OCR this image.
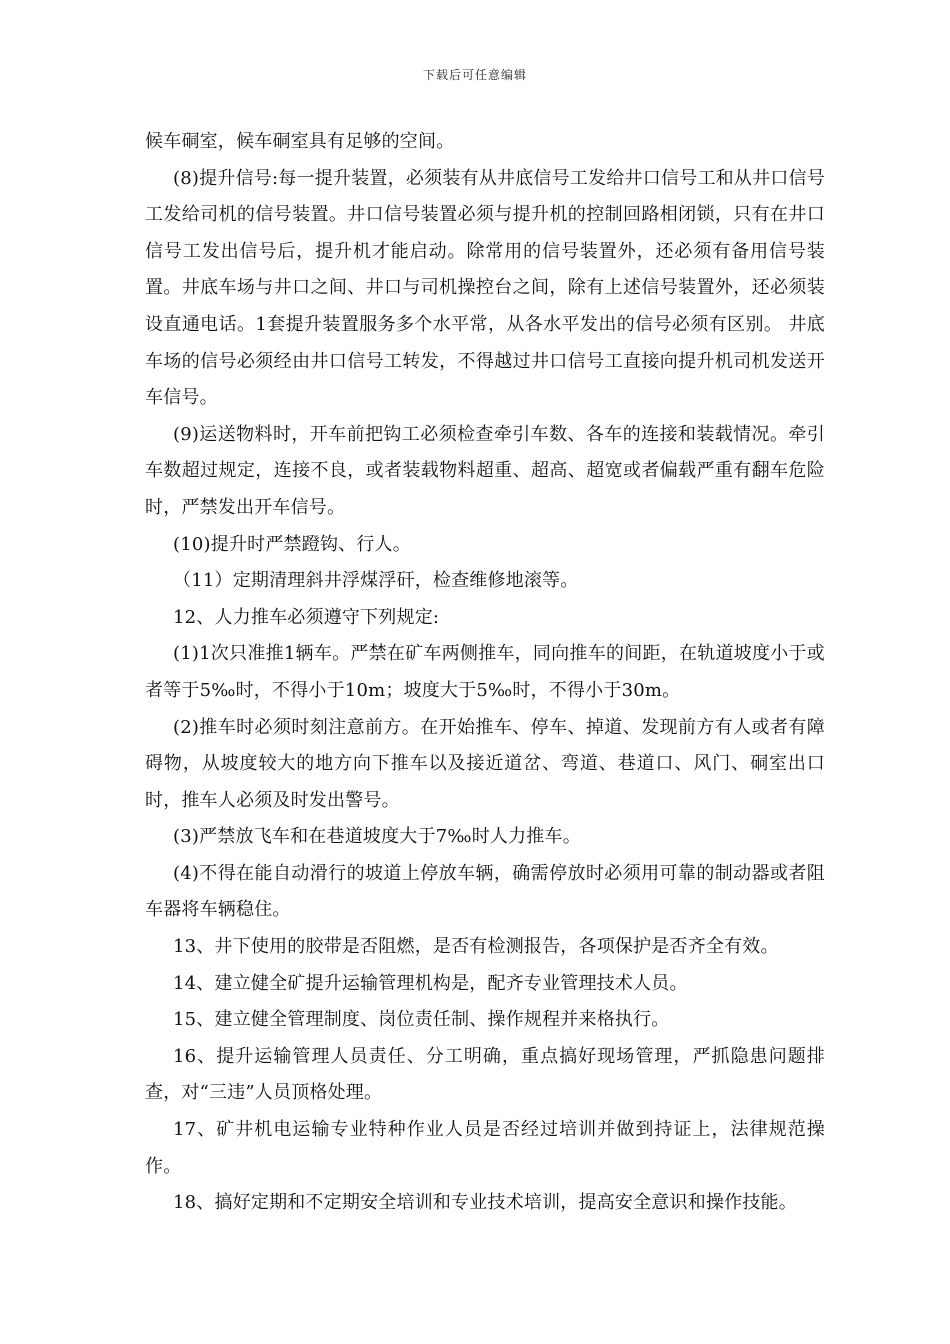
下载后可任意编辑

候车硐室，候车硐室具有足够的空间。

(8)提升信号:每一提升装置，必须装有从井底信号工发给井口信号工和从井口信号工发给司机的信号装置。井口信号装置必须与提升机的控制回路相闭锁，只有在井口信号工发出信号后，提升机才能启动。除常用的信号装置外，还必须有备用信号装置。井底车场与井口之间、井口与司机操控台之间，除有上述信号装置外，还必须装设直通电话。1套提升装置服务多个水平常，从各水平发出的信号必须有区别。 井底车场的信号必须经由井口信号工转发，不得越过井口信号工直接向提升机司机发送开车信号。

(9)运送物料时，开车前把钩工必须检查牵引车数、各车的连接和装载情况。牵引车数超过规定，连接不良，或者装载物料超重、超高、超宽或者偏载严重有翻车危险时，严禁发出开车信号。

(10)提升时严禁蹬钩、行人。

（11）定期清理斜井浮煤浮矸，检查维修地滚等。

12、人力推车必须遵守下列规定:

(1)1次只准推1辆车。严禁在矿车两侧推车，同向推车的间距，在轨道坡度小于或者等于5‰时，不得小于10m；坡度大于5‰时，不得小于30m。

(2)推车时必须时刻注意前方。在开始推车、停车、掉道、发现前方有人或者有障碍物，从坡度较大的地方向下推车以及接近道岔、弯道、巷道口、风门、硐室出口时，推车人必须及时发出警号。

(3)严禁放飞车和在巷道坡度大于7‰时人力推车。

(4)不得在能自动滑行的坡道上停放车辆，确需停放时必须用可靠的制动器或者阻车器将车辆稳住。

13、井下使用的胶带是否阻燃，是否有检测报告，各项保护是否齐全有效。

14、建立健全矿提升运输管理机构是，配齐专业管理技术人员。

15、建立健全管理制度、岗位责任制、操作规程并来格执行。

16、提升运输管理人员责任、分工明确，重点搞好现场管理，严抓隐患问题排查，对“三违”人员顶格处理。

17、矿井机电运输专业特种作业人员是否经过培训并做到持证上，法律规范操作。

18、搞好定期和不定期安全培训和专业技术培训，提高安全意识和操作技能。
